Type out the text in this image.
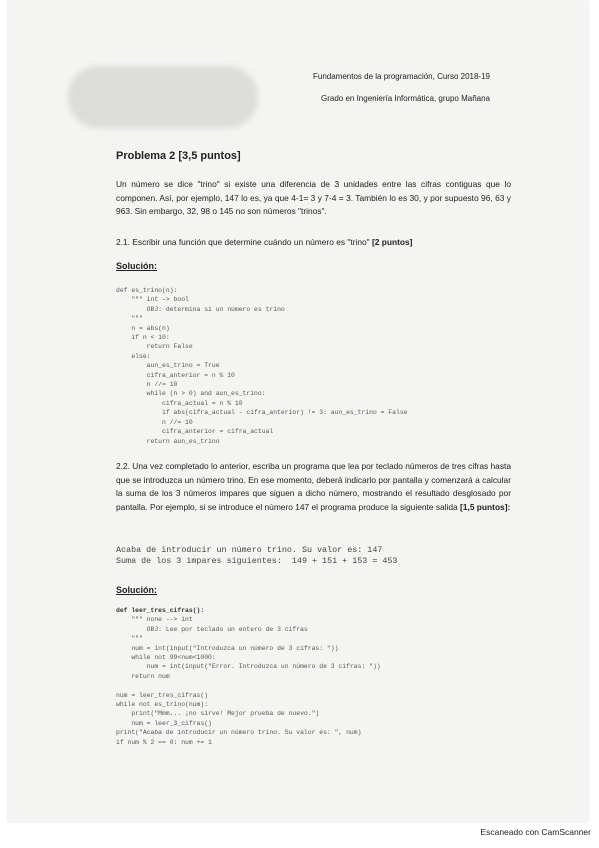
Fundamentos de la programación, Curso 2018-19
Grado en Ingeniería Informática, grupo Mañana
Problema 2 [3,5 puntos]
Un número se dice "trino" si existe una diferencia de 3 unidades entre las cifras contiguas que lo componen. Así, por ejemplo, 147 lo es, ya que 4-1= 3 y 7-4 = 3. También lo es 30, y por supuesto 96, 63 y 963. Sin embargo, 32, 98 o 145 no son números "trinos".
2.1. Escribir una función que determine cuándo un número es "trino" [2 puntos]
Solución:
def es_trino(n):
""" int -> bool
OBJ: determina si un número es trino
"""
n = abs(n)
if n < 10:
return False
else:
aun_es_trino = True
cifra_anterior = n % 10
n //= 10
while (n > 0) and aun_es_trino:
cifra_actual = n % 10
if abs(cifra_actual - cifra_anterior) != 3: aun_es_trino = False
n //= 10
cifra_anterior = cifra_actual
return aun_es_trino
2.2. Una vez completado lo anterior, escriba un programa que lea por teclado números de tres cifras hasta que se introduzca un número trino. En ese momento, deberá indicarlo por pantalla y comenzará a calcular la suma de los 3 números impares que siguen a dicho número, mostrando el resultado desglosado por pantalla. Por ejemplo, si se introduce el número 147 el programa produce la siguiente salida [1,5 puntos]:
Acaba de introducir un número trino. Su valor es: 147
Suma de los 3 impares siguientes:  149 + 151 + 153 = 453
Solución:
def leer_tres_cifras():
""" none --> int
OBJ: Lee por teclado un entero de 3 cifras
"""
num = int(input("Introduzca un número de 3 cifras: "))
while not 99<num<1000:
num = int(input("Error. Introduzca un número de 3 cifras: "))
return num

num = leer_tres_cifras()
while not es_trino(num):
print("Mmm... ¡no sirve! Mejor prueba de nuevo.")
num = leer_3_cifras()
print("Acaba de introducir un número trino. Su valor es: ", num)
if num % 2 == 0: num += 1
Escaneado con CamScanner
